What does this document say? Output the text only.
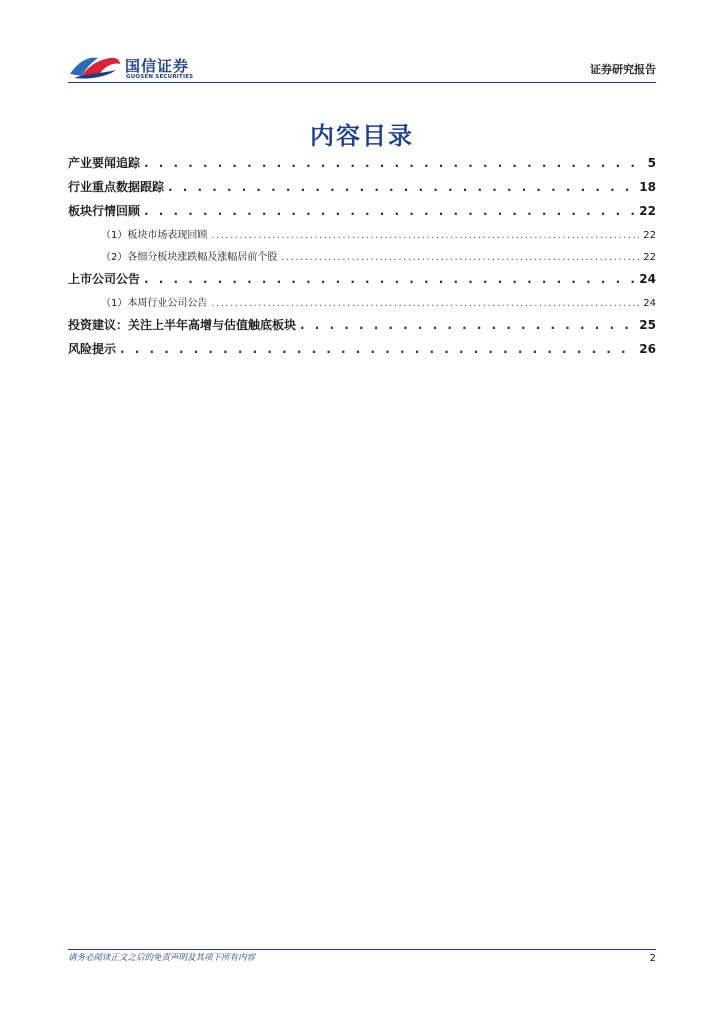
国信证券
GUOSEN SECURITIES
证券研究报告
内容目录
产业要闻追踪 . . .	5
行业重点数据跟踪 . . .	18
板块行情回顾 . . .	22
（1）板块市场表现回顾 .....	22
（2）各细分板块涨跌幅及涨幅居前个股 .....	22
上市公司公告 . . .	24
（1）本周行业公司公告 .....	24
投资建议：关注上半年高增与估值触底板块 . . .	25
风险提示 . . .	26
请务必阅读正文之后的免责声明及其项下所有内容	2
